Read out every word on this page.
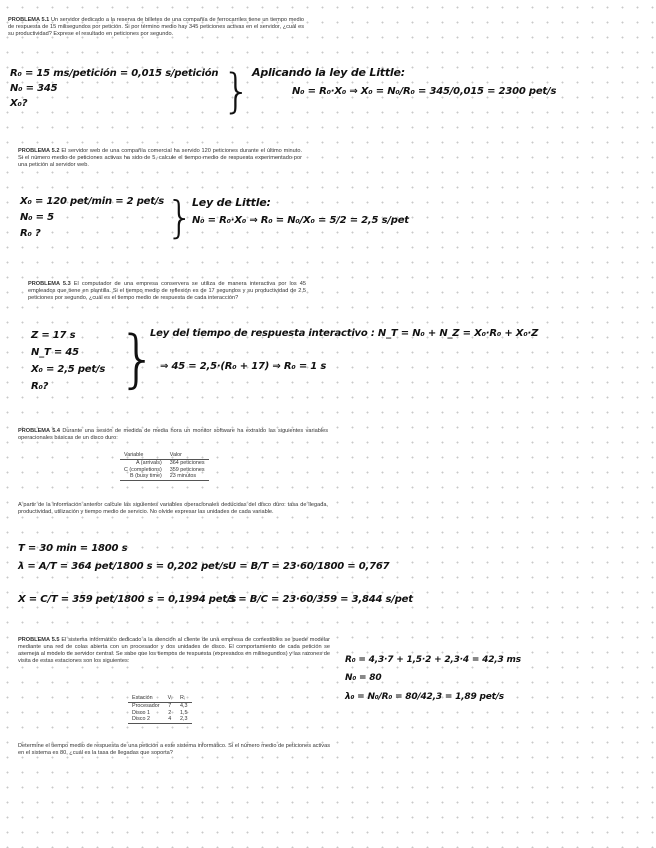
PROBLEMA 5.1 Un servidor dedicado a la reserva de billetes de una compañía de ferrocarriles tiene un tiempo medio de respuesta de 15 milisegundos por petición. Si por término medio hay 345 peticiones activas en el servidor, ¿cuál es su productividad? Exprese el resultado en peticiones por segundo.
R₀ = 15 ms/petición = 0,015 s/petición
N₀ = 345
X₀?	} Aplicando la ley de Little:
N₀ = R₀·X₀ ⇒ X₀ = N₀/R₀ = 345/0,015 = 2300 pet/s
PROBLEMA 5.2 El servidor web de una compañía comercial ha servido 120 peticiones durante el último minuto. Si el número medio de peticiones activas ha sido de 5, calcule el tiempo medio de respuesta experimentado por una petición al servidor web.
X₀ = 120 pet/min = 2 pet/s
N₀ = 5
R₀ ?	}
Ley de Little:
N₀ = R₀·X₀ ⇒ R₀ = N₀/X₀ = 5/2 = 2,5 s/pet
PROBLEMA 5.3 El computador de una empresa conservera se utiliza de manera interactiva por los 45 empleados que tiene en plantilla. Si el tiempo medio de reflexión es de 17 segundos y su productividad de 2,5 peticiones por segundo, ¿cuál es el tiempo medio de respuesta de cada interacción?
Z = 17 s
N_T = 45
X₀ = 2,5 pet/s
R₀? }
Ley del tiempo de respuesta interactivo : N_T = N₀ + N_Z = X₀·R₀ + X₀·Z
⇒ 45 = 2,5·(R₀ + 17) ⇒ R₀ = 1 s
PROBLEMA 5.4 Durante una sesión de medida de media hora un monitor software ha extraído las siguientes variables operacionales básicas de un disco duro:
Variable	Valor
A (arrivals)	364 peticiones
C (completions)	359 peticiones
B (busy time)	23 minutos
A partir de la información anterior calcule las siguientes variables operacionales deducidas del disco duro: tasa de llegada, productividad, utilización y tiempo medio de servicio. No olvide expresar las unidades de cada variable.
T = 30 min = 1800 s
λ = A/T = 364 pet/1800 s = 0,202 pet/s U = B/T = 23·60/1800 = 0,767
X = C/T = 359 pet/1800 s = 0,1994 pet/s
S = B/C = 23·60/359 = 3,844 s/pet
PROBLEMA 5.5 El sistema informático dedicado a la atención al cliente de una empresa de comestibles se puede modelar mediante una red de colas abierta con un procesador y dos unidades de disco. El comportamiento de cada petición se asemeja al modelo de servidor central. Se sabe que los tiempos de respuesta (expresados en milisegundos) y las razones de visita de estas estaciones son los siguientes:
Estación	Vᵢ	Rᵢ
Procesador	7	4,3
Disco 1	2	1,5
Disco 2	4	2,3
Determine el tiempo medio de respuesta de una petición a este sistema informático. Si el número medio de peticiones activas en el sistema es 80, ¿cuál es la tasa de llegadas que soporta?
R₀ = 4,3·7 + 1,5·2 + 2,3·4 = 42,3 ms
N₀ = 80
λ₀ = N₀/R₀ = 80/42,3 = 1,89 pet/s
